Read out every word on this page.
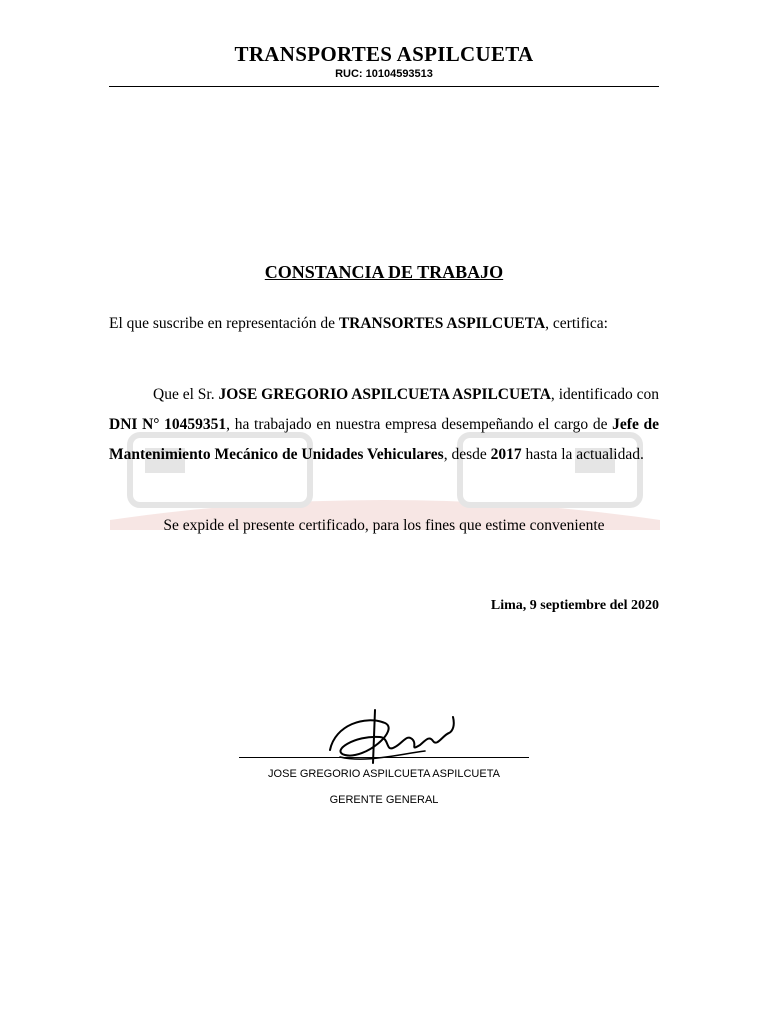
TRANSPORTES ASPILCUETA
RUC: 10104593513
CONSTANCIA DE TRABAJO
El que suscribe en representación de TRANSORTES ASPILCUETA, certifica:
Que el Sr. JOSE GREGORIO ASPILCUETA ASPILCUETA, identificado con DNI N° 10459351, ha trabajado en nuestra empresa desempeñando el cargo de Jefe de Mantenimiento Mecánico de Unidades Vehiculares, desde 2017 hasta la actualidad.
Se expide el presente certificado, para los fines que estime conveniente
Lima, 9 septiembre del 2020
JOSE GREGORIO ASPILCUETA ASPILCUETA
GERENTE GENERAL
